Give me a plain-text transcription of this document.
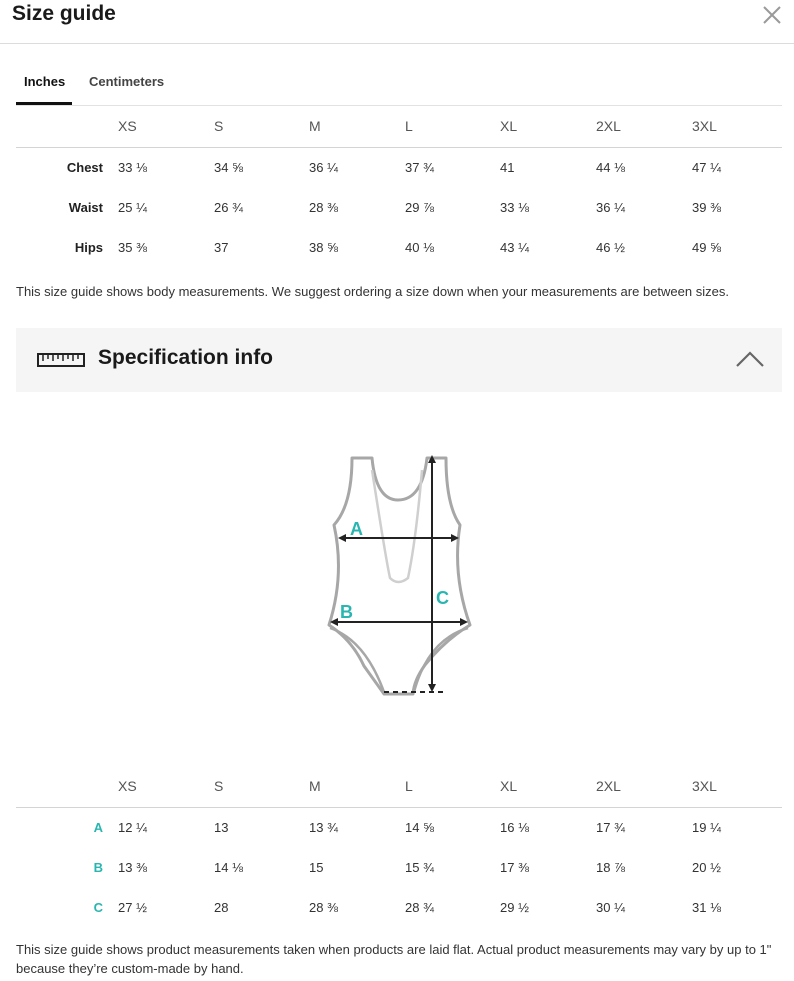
Size guide
Inches Centimeters
	XS	S	M	L	XL	2XL	3XL
Chest	33 ⅛	34 ⅝	36 ¼	37 ¾	41	44 ⅛	47 ¼
Waist	25 ¼	26 ¾	28 ⅜	29 ⅞	33 ⅛	36 ¼	39 ⅜
Hips	35 ⅜	37	38 ⅝	40 ⅛	43 ¼	46 ½	49 ⅝

This size guide shows body measurements. We suggest ordering a size down when your measurements are between sizes.

Specification info
A
B
C
	XS	S	M	L	XL	2XL	3XL
A	12 ¼	13	13 ¾	14 ⅝	16 ⅛	17 ¾	19 ¼
B	13 ⅜	14 ⅛	15	15 ¾	17 ⅜	18 ⅞	20 ½
C	27 ½	28	28 ⅜	28 ¾	29 ½	30 ¼	31 ⅛

This size guide shows product measurements taken when products are laid flat. Actual product measurements may vary by up to 1" because they’re custom-made by hand.
